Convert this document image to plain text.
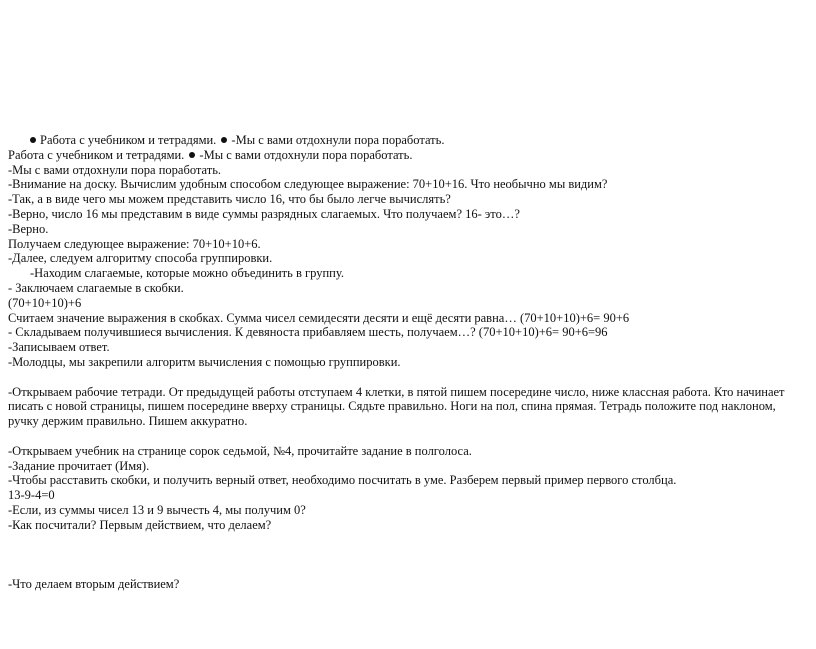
Работа с учебником и тетрадями. -Мы с вами отдохнули пора поработать.

Работа с учебником и тетрадями. -Мы с вами отдохнули пора поработать.

-Мы с вами отдохнули пора поработать.

-Внимание на доску. Вычислим удобным способом следующее выражение: 70+10+16. Что необычно мы видим?

-Так, а в виде чего мы можем представить число 16, что бы было легче вычислять?

-Верно, число 16 мы представим в виде суммы разрядных слагаемых. Что получаем? 16- это…?

-Верно.

Получаем следующее выражение: 70+10+10+6.

-Далее, следуем алгоритму способа группировки.

-Находим слагаемые, которые можно объединить в группу.

- Заключаем слагаемые в скобки.

(70+10+10)+6

Считаем значение выражения в скобках. Сумма чисел семидесяти десяти и ещё десяти равна… (70+10+10)+6= 90+6

- Складываем получившиеся вычисления. К девяноста прибавляем шесть, получаем…? (70+10+10)+6= 90+6=96

-Записываем ответ.

-Молодцы, мы закрепили алгоритм вычисления с помощью группировки.

-Открываем рабочие тетради. От предыдущей работы отступаем 4 клетки, в пятой пишем посередине число, ниже классная работа. Кто начинает писать с новой страницы, пишем посередине вверху страницы. Сядьте правильно. Ноги на пол, спина прямая. Тетрадь положите под наклоном, ручку держим правильно. Пишем аккуратно.

-Открываем учебник на странице сорок седьмой, №4, прочитайте задание в полголоса.

-Задание прочитает (Имя).

-Чтобы расставить скобки, и получить верный ответ, необходимо посчитать в уме. Разберем первый пример первого столбца.

13-9-4=0

-Если, из суммы чисел 13 и 9 вычесть 4, мы получим 0?

-Как посчитали? Первым действием, что делаем?

-Что делаем вторым действием?
